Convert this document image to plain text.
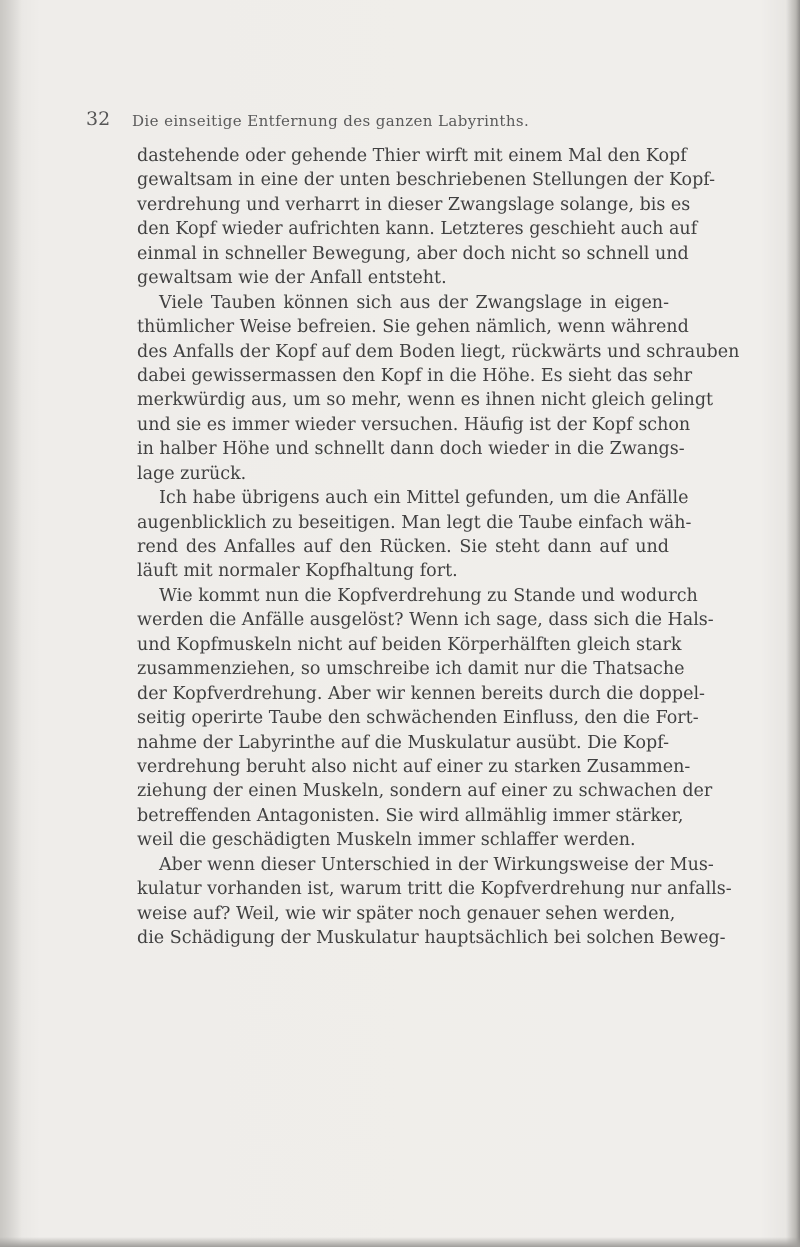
32 Die einseitige Entfernung des ganzen Labyrinths.
dastehende oder gehende Thier wirft mit einem Mal den Kopf
gewaltsam in eine der unten beschriebenen Stellungen der Kopf-
verdrehung und verharrt in dieser Zwangslage solange, bis es
den Kopf wieder aufrichten kann. Letzteres geschieht auch auf
einmal in schneller Bewegung, aber doch nicht so schnell und
gewaltsam wie der Anfall entsteht.
Viele Tauben können sich aus der Zwangslage in eigen-
thümlicher Weise befreien. Sie gehen nämlich, wenn während
des Anfalls der Kopf auf dem Boden liegt, rückwärts und schrauben
dabei gewissermassen den Kopf in die Höhe. Es sieht das sehr
merkwürdig aus, um so mehr, wenn es ihnen nicht gleich gelingt
und sie es immer wieder versuchen. Häufig ist der Kopf schon
in halber Höhe und schnellt dann doch wieder in die Zwangs-
lage zurück.
Ich habe übrigens auch ein Mittel gefunden, um die Anfälle
augenblicklich zu beseitigen. Man legt die Taube einfach wäh-
rend des Anfalles auf den Rücken. Sie steht dann auf und
läuft mit normaler Kopfhaltung fort.
Wie kommt nun die Kopfverdrehung zu Stande und wodurch
werden die Anfälle ausgelöst? Wenn ich sage, dass sich die Hals-
und Kopfmuskeln nicht auf beiden Körperhälften gleich stark
zusammenziehen, so umschreibe ich damit nur die Thatsache
der Kopfverdrehung. Aber wir kennen bereits durch die doppel-
seitig operirte Taube den schwächenden Einfluss, den die Fort-
nahme der Labyrinthe auf die Muskulatur ausübt. Die Kopf-
verdrehung beruht also nicht auf einer zu starken Zusammen-
ziehung der einen Muskeln, sondern auf einer zu schwachen der
betreffenden Antagonisten. Sie wird allmählig immer stärker,
weil die geschädigten Muskeln immer schlaffer werden.
Aber wenn dieser Unterschied in der Wirkungsweise der Mus-
kulatur vorhanden ist, warum tritt die Kopfverdrehung nur anfalls-
weise auf? Weil, wie wir später noch genauer sehen werden,
die Schädigung der Muskulatur hauptsächlich bei solchen Beweg-
